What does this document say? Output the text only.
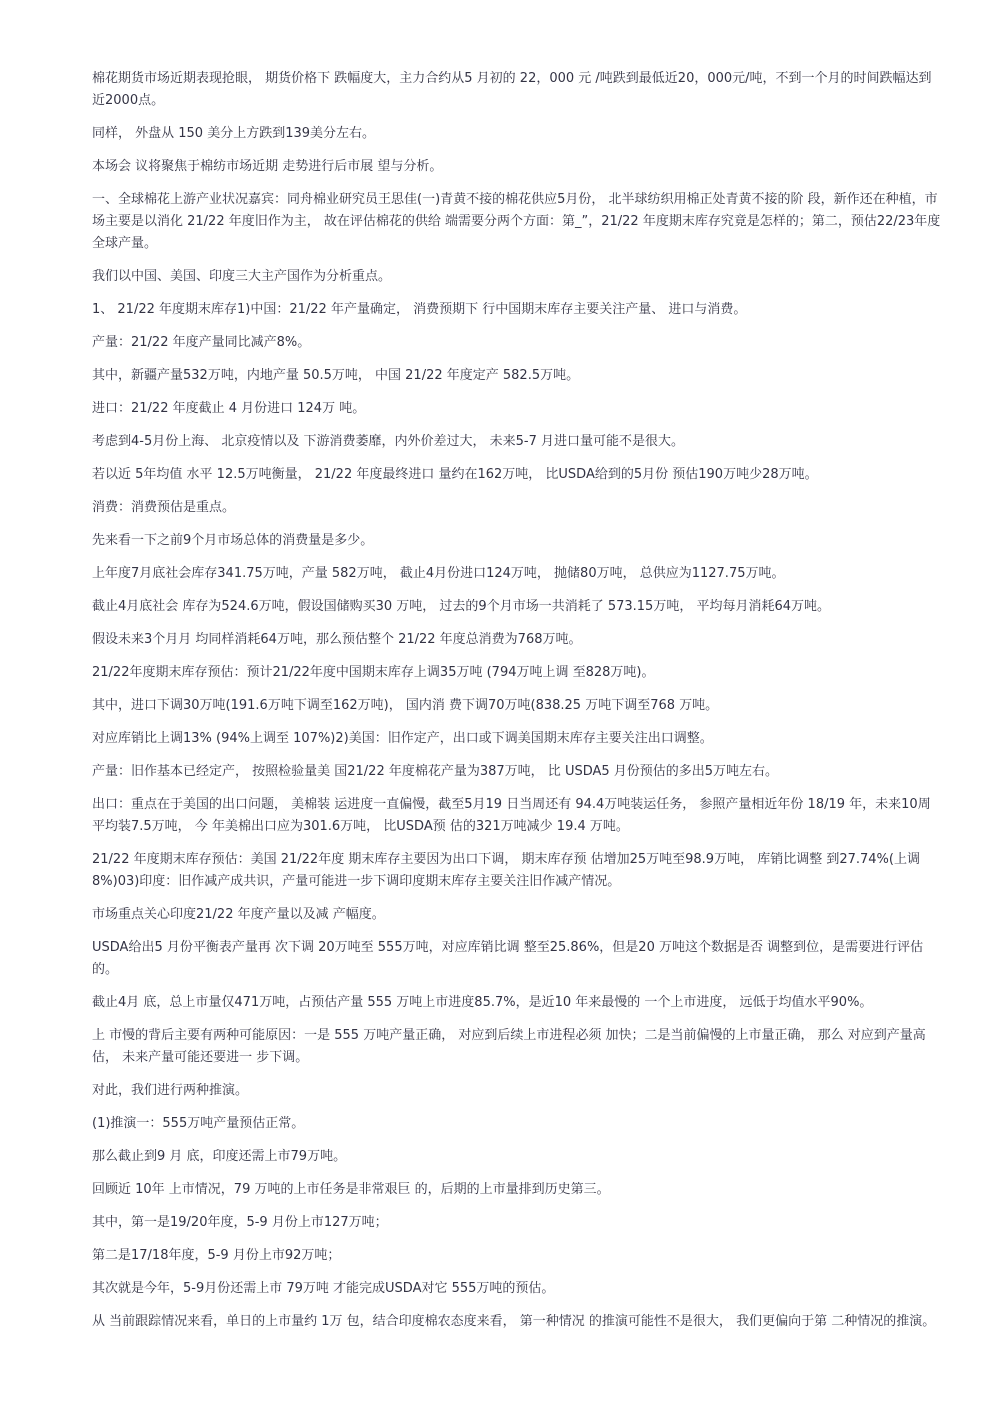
棉花期货市场近期表现抢眼， 期货价格下 跌幅度大，主力合约从5 月初的 22，000 元 /吨跌到最低近20，000元/吨，不到一个月的时间跌幅达到近2000点。

同样， 外盘从 150 美分上方跌到139美分左右。

本场会 议将聚焦于棉纺市场近期 走势进行后市展 望与分析。

一、全球棉花上游产业状况嘉宾：同舟棉业研究员王思佳(一)青黄不接的棉花供应5月份， 北半球纺织用棉正处青黄不接的阶 段，新作还在种植，市场主要是以消化 21/22 年度旧作为主， 故在评估棉花的供给 端需要分两个方面：第_”，21/22 年度期末库存究竟是怎样的；第二，预估22/23年度全球产量。

我们以中国、美国、印度三大主产国作为分析重点。

1、 21/22 年度期末库存1)中国：21/22 年产量确定， 消费预期下 行中国期末库存主要关注产量、 进口与消费。

产量：21/22 年度产量同比减产8%。

其中，新疆产量532万吨，内地产量 50.5万吨， 中国 21/22 年度定产 582.5万吨。

进口：21/22 年度截止 4 月份进口 124万 吨。

考虑到4-5月份上海、 北京疫情以及 下游消费萎靡，内外价差过大， 未来5-7 月进口量可能不是很大。

若以近 5年均值 水平 12.5万吨衡量， 21/22 年度最终进口 量约在162万吨， 比USDA给到的5月份 预估190万吨少28万吨。

消费：消费预估是重点。

先来看一下之前9个月市场总体的消费量是多少。

上年度7月底社会库存341.75万吨，产量 582万吨， 截止4月份进口124万吨， 抛储80万吨， 总供应为1127.75万吨。

截止4月底社会 库存为524.6万吨，假设国储购买30 万吨， 过去的9个月市场一共消耗了 573.15万吨， 平均每月消耗64万吨。

假设未来3个月月 均同样消耗64万吨，那么预估整个 21/22 年度总消费为768万吨。

21/22年度期末库存预估：预计21/22年度中国期末库存上调35万吨 (794万吨上调 至828万吨)。

其中，进口下调30万吨(191.6万吨下调至162万吨)， 国内消 费下调70万吨(838.25 万吨下调至768 万吨。

对应库销比上调13% (94%上调至 107%)2)美国：旧作定产，出口或下调美国期末库存主要关注出口调整。

产量：旧作基本已经定产， 按照检验量美 国21/22 年度棉花产量为387万吨， 比 USDA5 月份预估的多出5万吨左右。

出口：重点在于美国的出口问题， 美棉装 运进度一直偏慢，截至5月19 日当周还有 94.4万吨装运任务， 参照产量相近年份 18/19 年，未来10周平均装7.5万吨， 今 年美棉出口应为301.6万吨， 比USDA预 估的321万吨减少 19.4 万吨。

21/22 年度期末库存预估：美国 21/22年度 期末库存主要因为出口下调， 期末库存预 估增加25万吨至98.9万吨， 库销比调整 到27.74%(上调8%)03)印度：旧作减产成共识，产量可能进一步下调印度期末库存主要关注旧作减产情况。

市场重点关心印度21/22 年度产量以及减 产幅度。

USDA给出5 月份平衡表产量再 次下调 20万吨至 555万吨，对应库销比调 整至25.86%，但是20 万吨这个数据是否 调整到位，是需要进行评估的。

截止4月 底，总上市量仅471万吨，占预估产量 555 万吨上市进度85.7%，是近10 年来最慢的 一个上市进度， 远低于均值水平90%。

上 市慢的背后主要有两种可能原因：一是 555 万吨产量正确， 对应到后续上市进程必须 加快；二是当前偏慢的上市量正确， 那么 对应到产量高估， 未来产量可能还要进一 步下调。

对此，我们进行两种推演。

(1)推演一：555万吨产量预估正常。

那么截止到9 月 底，印度还需上市79万吨。

回顾近 10年 上市情况，79 万吨的上市任务是非常艰巨 的，后期的上市量排到历史第三。

其中，第一是19/20年度，5-9 月份上市127万吨；

第二是17/18年度，5-9 月份上市92万吨；

其次就是今年，5-9月份还需上市 79万吨 才能完成USDA对它 555万吨的预估。

从 当前跟踪情况来看，单日的上市量约 1万 包，结合印度棉农态度来看， 第一种情况 的推演可能性不是很大， 我们更偏向于第 二种情况的推演。
